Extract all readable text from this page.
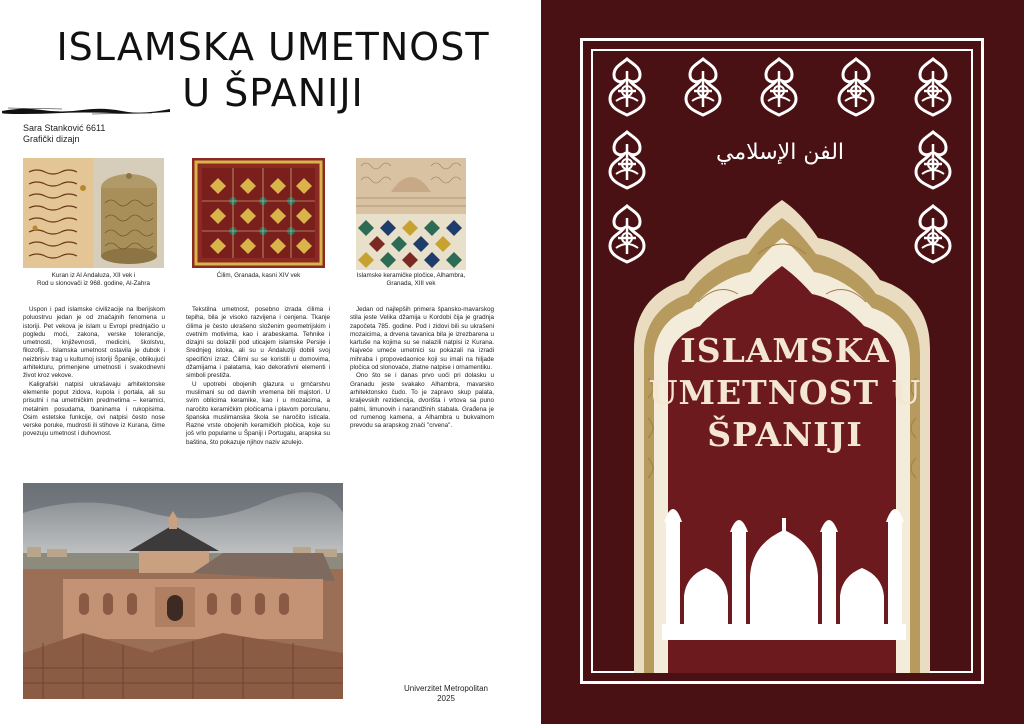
ISLAMSKA UMETNOST
U ŠPANIJI
Sara Stanković 6611
Grafički dizajn
Kuran iz Al Andaluza, XII vek i
Rod u slonovači iz 968. godine, Al-Zahra
Ćilim, Granada, kasni XIV vek	Islamske keramičke pločice, Alhambra,
Granada, XIII vek

Uspon i pad islamske civilizacije na Iberijskom poluostrvu jedan je od značajnih fenomena u istoriji. Pet vekova je islam u Evropi prednjačio u pogledu moći, zakona, verske tolerancije, umetnosti, književnosti, medicini, školstvu, filozofiji... Islamska umetnost ostavila je dubok i neizbrisiv trag u kulturnoj istoriji Španije, oblikujući arhitekturu, primenjene umetnosti i svakodnevni život kroz vekove.

Kaligrafski natpisi ukrašavaju arhitektonske elemente poput zidova, kupola i portala, ali su prisutni i na umetničkim predmetima – keramici, metalnim posudama, tkaninama i rukopisima. Osim estetske funkcije, ovi natpisi često nose verske poruke, mudrosti ili stihove iz Kurana, čime povezuju umetnost i duhovnost.

Tekstilna umetnost, posebno izrada ćilima i tepiha, bila je visoko razvijena i cenjena. Tkanje ćilima je često ukrašeno složenim geometrijskim i cvetnim motivima, kao i arabeskama. Tehnike i dizajni su dolazili pod uticajem islamske Persije i Srednjeg istoka, ali su u Andaluziji dobili svoj specifični izraz. Ćilimi su se koristili u domovima, džamijama i palatama, kao dekorativni elementi i simboli prestiža.

U upotrebi obojenih glazura u grnčarstvu muslimani su od davnih vremena bili majstori. U svim oblicima keramike, kao i u mozaicima, a naročito keramičkim pločicama i plavom porculanu, španska muslimanska škola se naročito isticala. Razne vrste obojenih keramičkih pločica, koje su još vrlo popularne u Španiji i Portugalu, arapska su baština, što pokazuje njihov naziv azulejo.

Jedan od najlepših primera špansko-mavarskog stila jeste Velika džamija u Kordobi čija je gradnja započeta 785. godine. Pod i zidovi bili su ukrašeni mozaicima, a drvena tavanica bila je izrezbarena u kartuše na kojima su se nalazili natpisi iz Kurana. Najveće umeće umetnici su pokazali na izradi mihraba i propovedaonice koji su imali na hiljade pločica od slonovače, zlatne natpise i ornamentiku.

Ono što se i danas prvo uoči pri dolasku u Granadu jeste svakako Alhambra, mavarsko arhitektonsko čudo. To je zapravo skup palata, kraljevskih rezidencija, dvorišta i vrtova sa puno palmi, limunovih i narandžinih stabala. Građena je od rumenog kamena, a Alhambra u bukvalnom prevodu sa arapskog znači "crvena".

Univerzitet Metropolitan
2025
الفن الإسلامي
ISLAMSKA
UMETNOST U
ŠPANIJI
